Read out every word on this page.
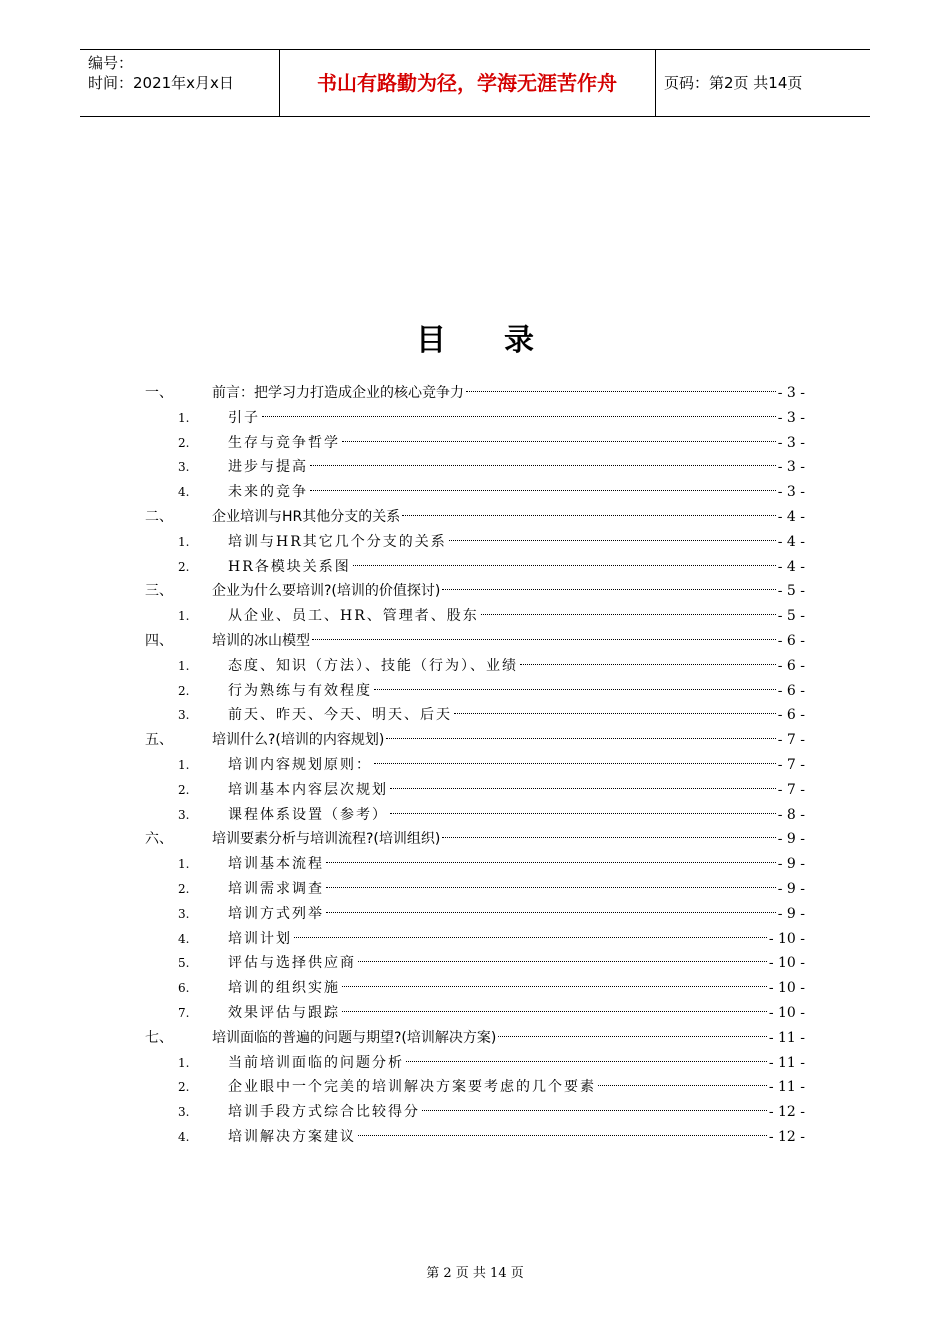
编号：
时间：2021年x月x日	书山有路勤为径，学海无涯苦作舟	页码：第2页 共14页
目录
一、	前言：把学习力打造成企业的核心竞争力	- 3 -
1.	引子	- 3 -
2.	生存与竞争哲学	- 3 -
3.	进步与提高	- 3 -
4.	未来的竞争	- 3 -
二、	企业培训与HR其他分支的关系	- 4 -
1.	培训与HR其它几个分支的关系	- 4 -
2.	HR各模块关系图	- 4 -
三、	企业为什么要培训?(培训的价值探讨)	- 5 -
1.	从企业、员工、HR、管理者、股东	- 5 -
四、	培训的冰山模型	- 6 -
1.	态度、知识（方法）、技能（行为）、业绩	- 6 -
2.	行为熟练与有效程度	- 6 -
3.	前天、昨天、今天、明天、后天	- 6 -
五、	培训什么?(培训的内容规划)	- 7 -
1.	培训内容规划原则：	- 7 -
2.	培训基本内容层次规划	- 7 -
3.	课程体系设置（参考）	- 8 -
六、	培训要素分析与培训流程?(培训组织)	- 9 -
1.	培训基本流程	- 9 -
2.	培训需求调查	- 9 -
3.	培训方式列举	- 9 -
4.	培训计划	- 10 -
5.	评估与选择供应商	- 10 -
6.	培训的组织实施	- 10 -
7.	效果评估与跟踪	- 10 -
七、	培训面临的普遍的问题与期望?(培训解决方案)	- 11 -
1.	当前培训面临的问题分析	- 11 -
2.	企业眼中一个完美的培训解决方案要考虑的几个要素	- 11 -
3.	培训手段方式综合比较得分	- 12 -
4.	培训解决方案建议	- 12 -
第 2 页 共 14 页
